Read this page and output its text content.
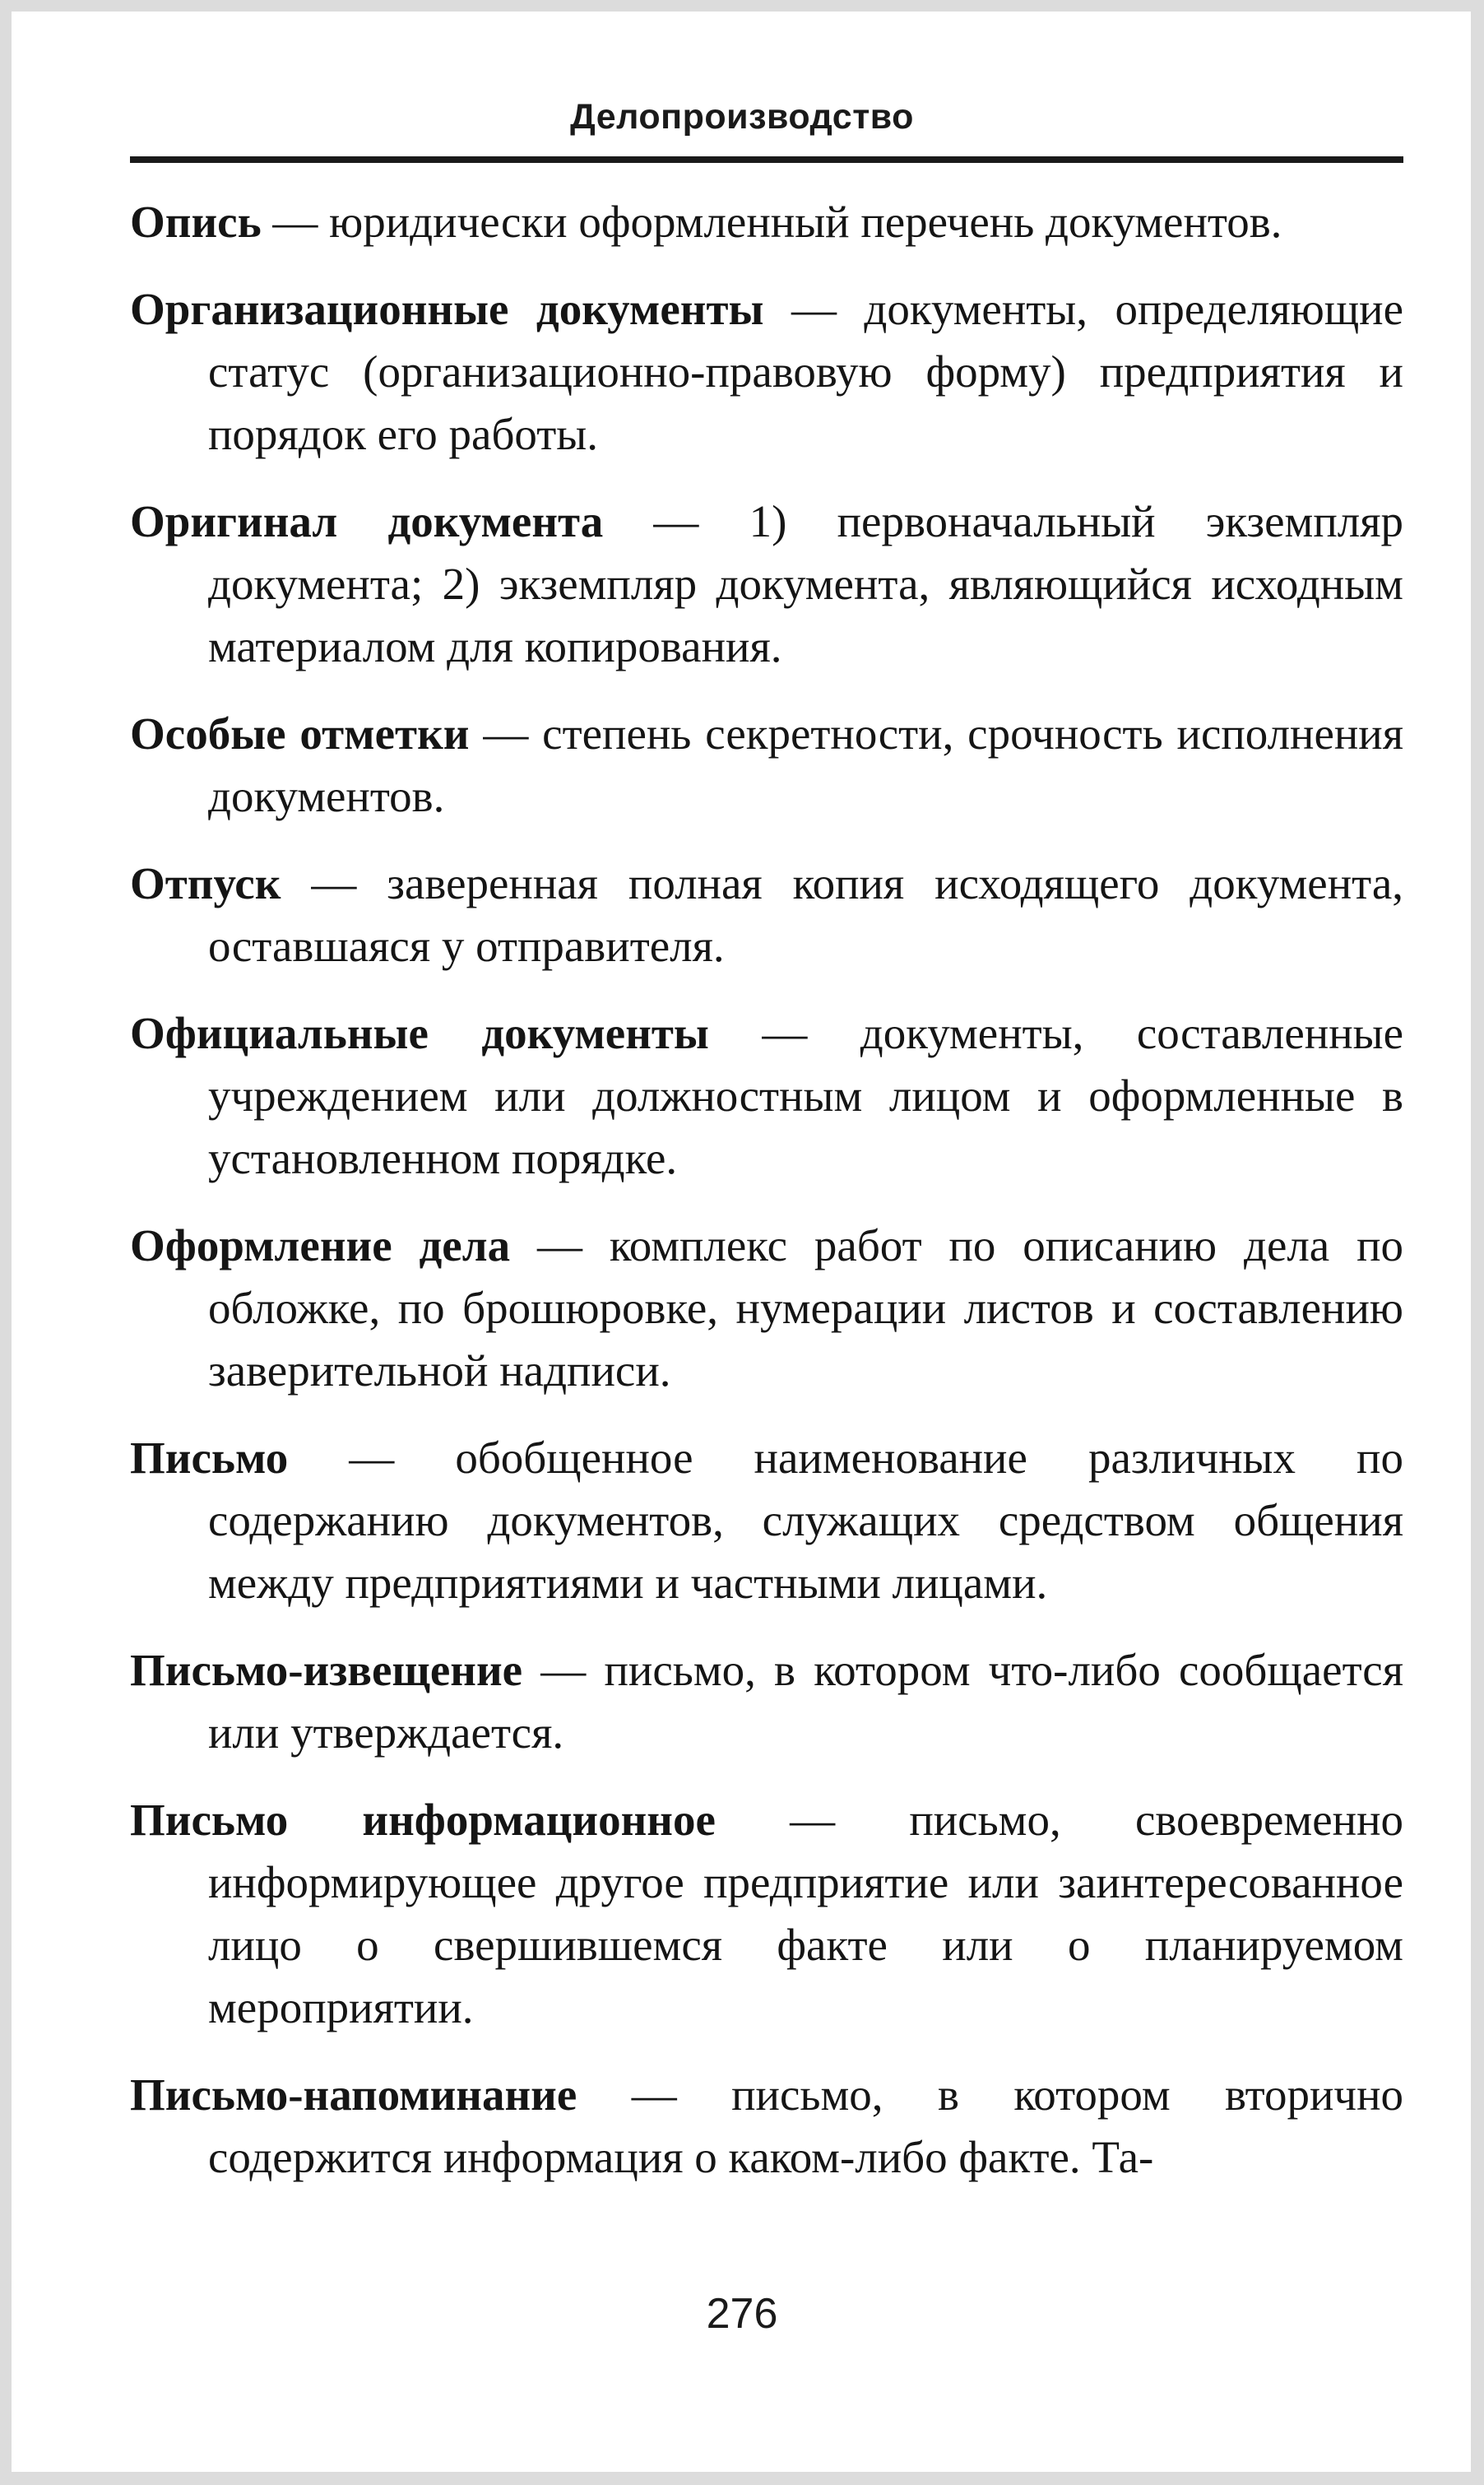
Делопроизводство

Опись — юридически оформленный перечень документов.

Организационные документы — документы, определяющие статус (организационно-правовую форму) предприятия и порядок его работы.

Оригинал документа — 1) первоначальный экземпляр документа; 2) экземпляр документа, являющийся исходным материалом для копирования.

Особые отметки — степень секретности, срочность исполнения документов.

Отпуск — заверенная полная копия исходящего документа, оставшаяся у отправителя.

Официальные документы — документы, составленные учреждением или должностным лицом и оформленные в установленном порядке.

Оформление дела — комплекс работ по описанию дела по обложке, по брошюровке, нумерации листов и составлению заверительной надписи.

Письмо — обобщенное наименование различных по содержанию документов, служащих средством общения между предприятиями и частными лицами.

Письмо-извещение — письмо, в котором что-либо сообщается или утверждается.

Письмо информационное — письмо, своевременно информирующее другое предприятие или заинтересованное лицо о свершившемся факте или о планируемом мероприятии.

Письмо-напоминание — письмо, в котором вторично содержится информация о каком-либо факте. Та-

276
